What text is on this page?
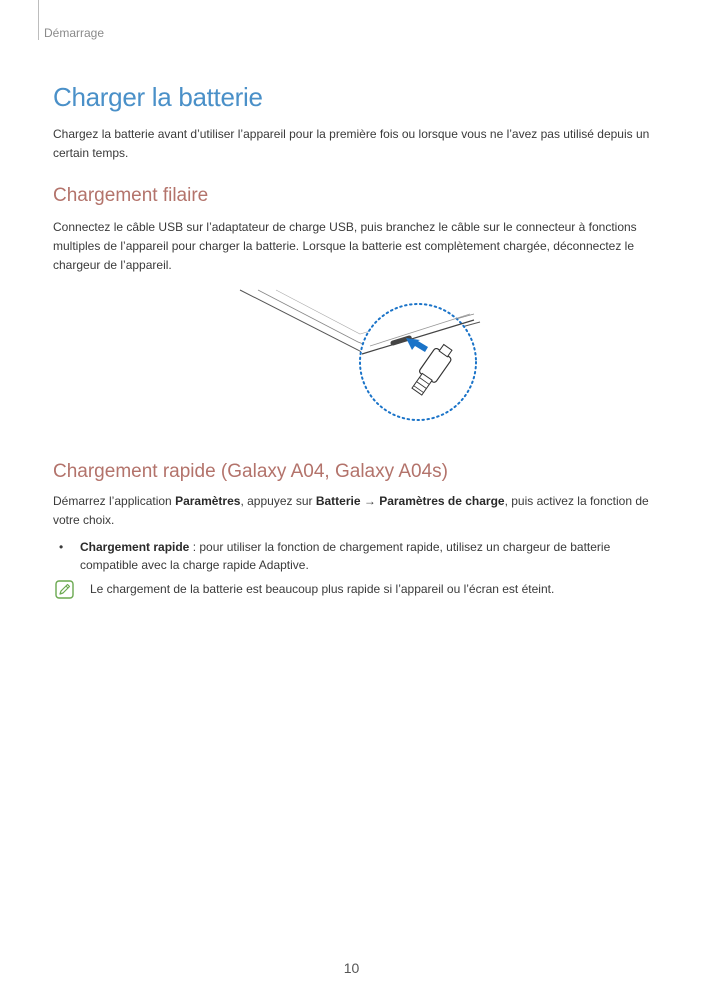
Démarrage
Charger la batterie

Chargez la batterie avant d’utiliser l’appareil pour la première fois ou lorsque vous ne l’avez pas utilisé depuis un certain temps.

Chargement filaire

Connectez le câble USB sur l’adaptateur de charge USB, puis branchez le câble sur le connecteur à fonctions multiples de l’appareil pour charger la batterie. Lorsque la batterie est complètement chargée, déconnectez le chargeur de l’appareil.

Chargement rapide (Galaxy A04, Galaxy A04s)

Démarrez l’application Paramètres, appuyez sur Batterie → Paramètres de charge, puis activez la fonction de votre choix.

• Chargement rapide : pour utiliser la fonction de chargement rapide, utilisez un chargeur de batterie compatible avec la charge rapide Adaptive.
Le chargement de la batterie est beaucoup plus rapide si l’appareil ou l’écran est éteint.
10
